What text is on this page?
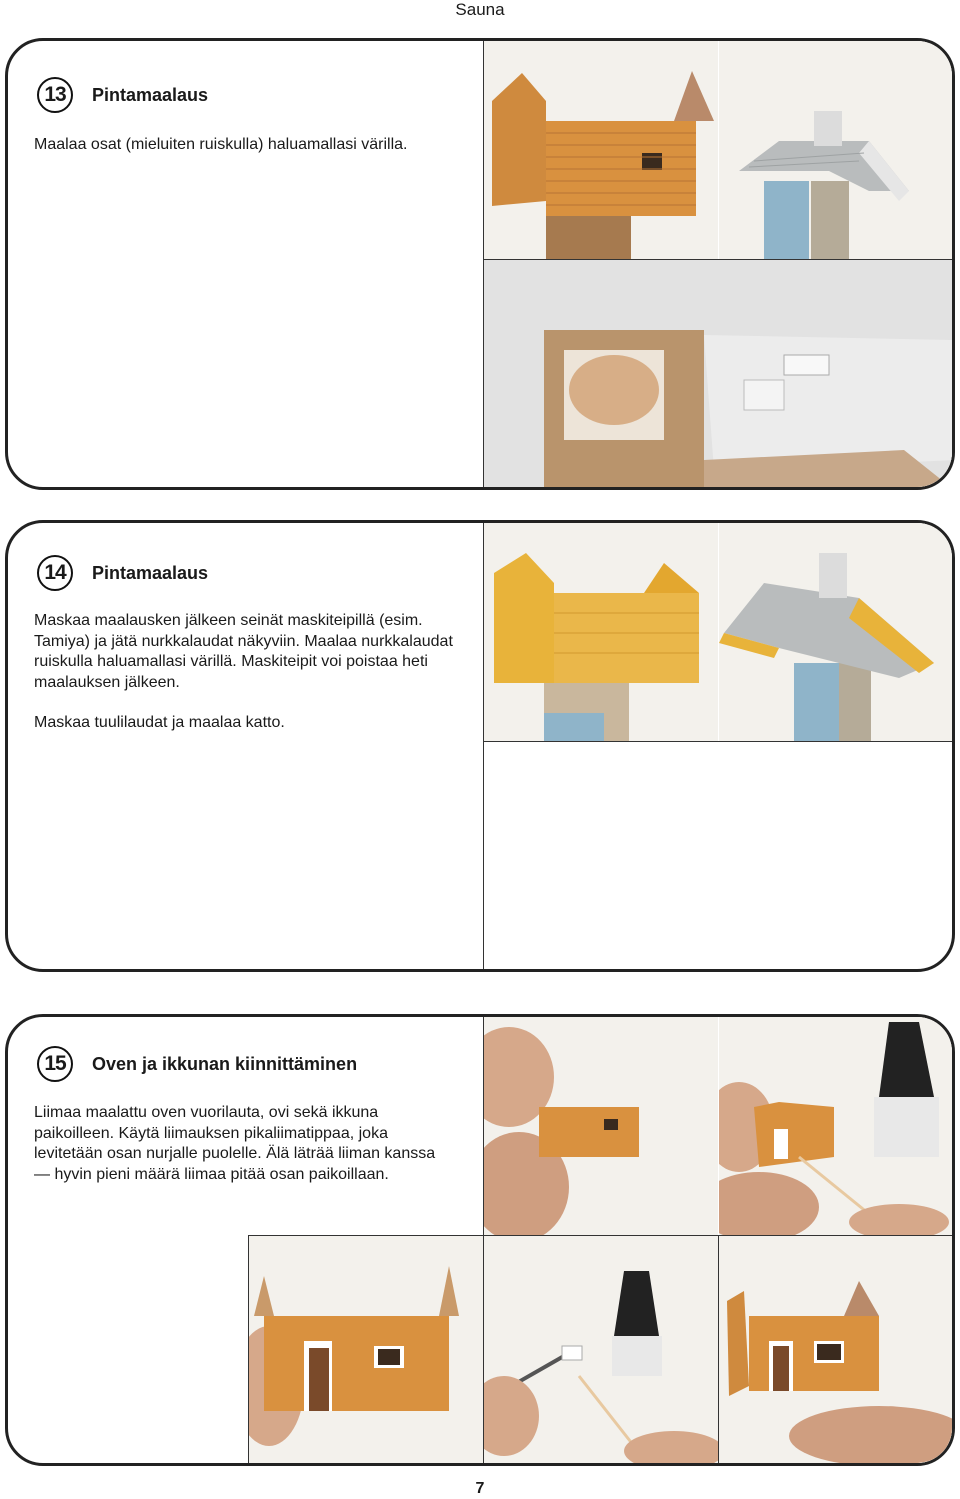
Sauna
13	Pintamaalaus

Maalaa osat (mieluiten ruiskulla) haluamallasi värilla.

14	Pintamaalaus

Maskaa maalausken jälkeen seinät maskiteipillä (esim. Tamiya) ja jätä nurkkalaudat näkyviin. Maalaa nurkkalaudat ruiskulla haluamallasi värillä. Maskiteipit voi poistaa heti maalauksen jälkeen.

Maskaa tuulilaudat ja maalaa katto.

15	Oven ja ikkunan kiinnittäminen

Liimaa maalattu oven vuorilauta, ovi sekä ikkuna paikoilleen. Käytä liimauksen pikaliimatippaa, joka levitetään osan nurjalle puolelle. Älä läträä liiman kanssa — hyvin pieni määrä liimaa pitää osan paikoillaan.

7
